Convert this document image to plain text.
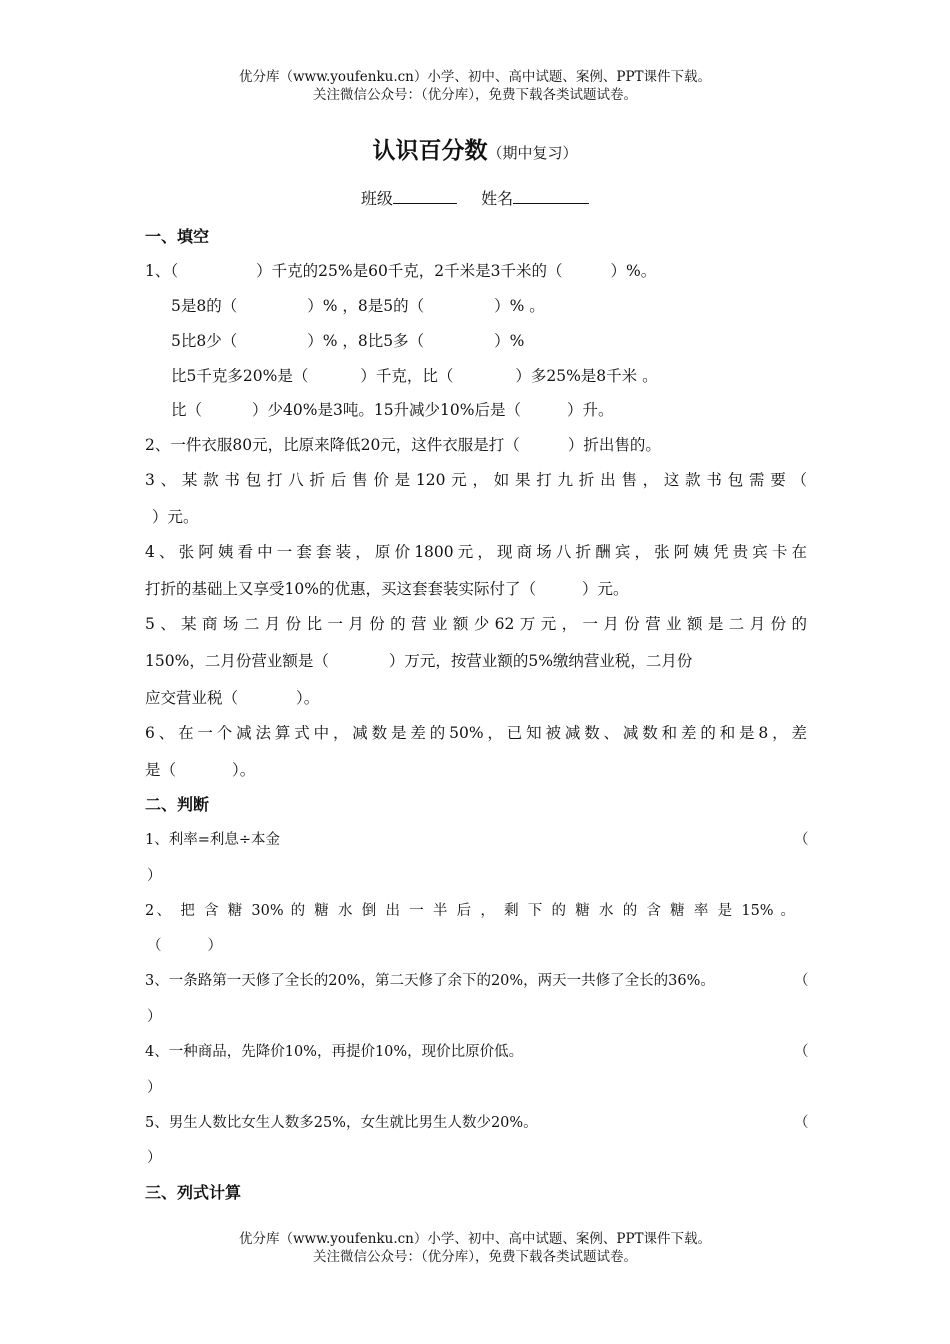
优分库（www.youfenku.cn）小学、初中、高中试题、案例、PPT课件下载。
关注微信公众号：（优分库），免费下载各类试题试卷。
认识百分数（期中复习）
班级	姓名
一、填空
1、（	）千克的25%是60千克，2千米是3千米的（	）%。
5是8的（	）% ，8是5的（	）% 。
5比8少（	）% ，8比5多（	）%
比5千克多20%是（	）千克，比（	）多25%是8千米 。
比（	）少40%是3吨。15升减少10%后是（	）升。
2、一件衣服80元，比原来降低20元，这件衣服是打（	）折出售的。
3、某款书包打八折后售价是120元，如果打九折出售，这款书包需要（
）元。
4、张阿姨看中一套套装，原价1800元，现商场八折酬宾，张阿姨凭贵宾卡在
打折的基础上又享受10%的优惠，买这套套装实际付了（	）元。
5、某商场二月份比一月份的营业额少62万元，一月份营业额是二月份的
150%，二月份营业额是（	）万元，按营业额的5%缴纳营业税，二月份
应交营业税（	）。
6、在一个减法算式中，减数是差的50%，已知被减数、减数和差的和是8，差
是（	）。
二、判断
1、利率=利息÷本金	（
）
2、 把 含 糖 30% 的 糖 水 倒 出 一 半 后 ， 剩 下 的 糖 水 的 含 糖 率 是 15% 。
（	）
3、一条路第一天修了全长的20%，第二天修了余下的20%，两天一共修了全长的36%。	（
）
4、一种商品，先降价10%，再提价10%，现价比原价低。	（
）
5、男生人数比女生人数多25%，女生就比男生人数少20%。	（
）
三、列式计算
优分库（www.youfenku.cn）小学、初中、高中试题、案例、PPT课件下载。
关注微信公众号：（优分库），免费下载各类试题试卷。
